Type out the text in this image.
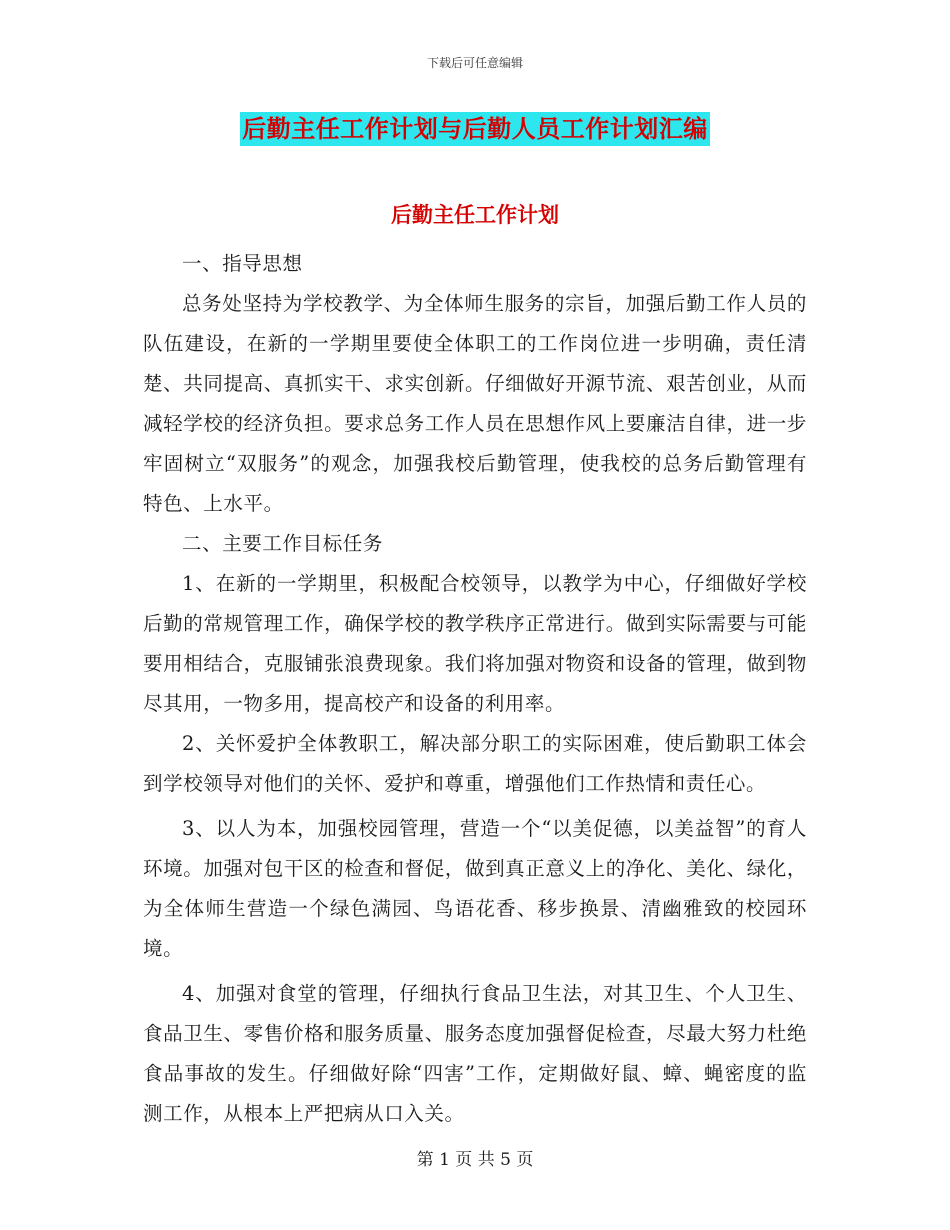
下载后可任意编辑
后勤主任工作计划与后勤人员工作计划汇编
后勤主任工作计划

一、指导思想

总务处坚持为学校教学、为全体师生服务的宗旨，加强后勤工作人员的队伍建设，在新的一学期里要使全体职工的工作岗位进一步明确，责任清楚、共同提高、真抓实干、求实创新。仔细做好开源节流、艰苦创业，从而减轻学校的经济负担。要求总务工作人员在思想作风上要廉洁自律，进一步牢固树立“双服务”的观念，加强我校后勤管理，使我校的总务后勤管理有特色、上水平。

二、主要工作目标任务

1、在新的一学期里，积极配合校领导，以教学为中心，仔细做好学校后勤的常规管理工作，确保学校的教学秩序正常进行。做到实际需要与可能要用相结合，克服铺张浪费现象。我们将加强对物资和设备的管理，做到物尽其用，一物多用，提高校产和设备的利用率。

2、关怀爱护全体教职工，解决部分职工的实际困难，使后勤职工体会到学校领导对他们的关怀、爱护和尊重，增强他们工作热情和责任心。

3、以人为本，加强校园管理，营造一个“以美促德，以美益智”的育人环境。加强对包干区的检查和督促，做到真正意义上的净化、美化、绿化，为全体师生营造一个绿色满园、鸟语花香、移步换景、清幽雅致的校园环境。

4、加强对食堂的管理，仔细执行食品卫生法，对其卫生、个人卫生、食品卫生、零售价格和服务质量、服务态度加强督促检查，尽最大努力杜绝食品事故的发生。仔细做好除“四害”工作，定期做好鼠、蟑、蝇密度的监测工作，从根本上严把病从口入关。

第 1 页 共 5 页
